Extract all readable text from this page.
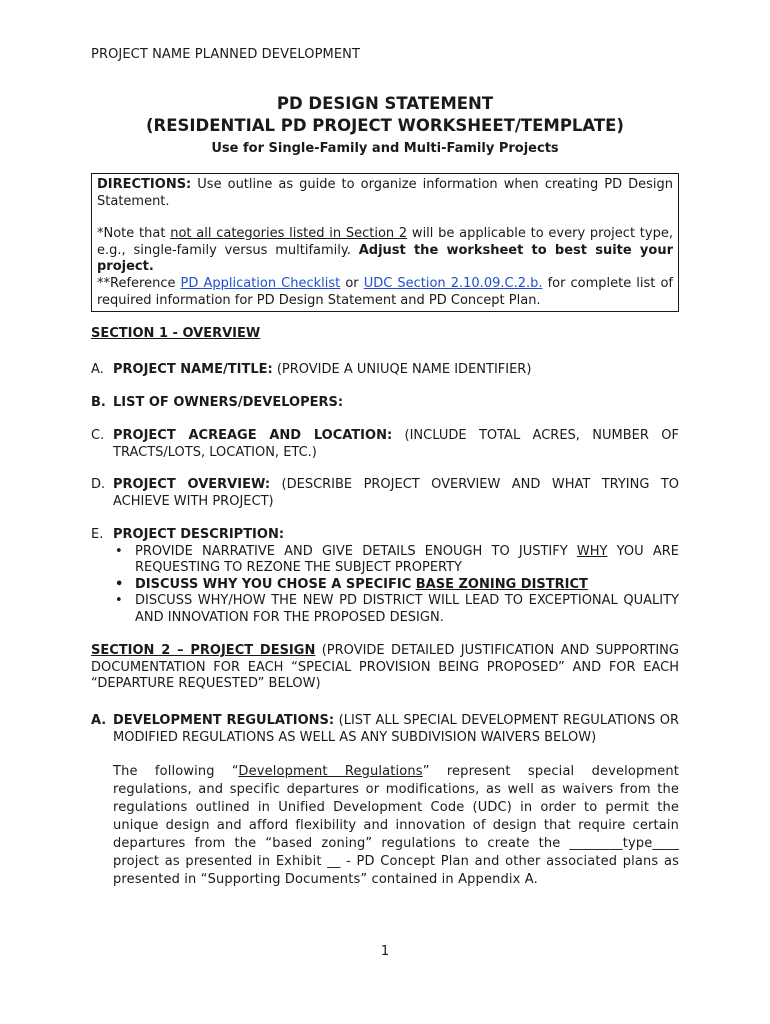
PROJECT NAME PLANNED DEVELOPMENT
PD DESIGN STATEMENT
(RESIDENTIAL PD PROJECT WORKSHEET/TEMPLATE)
Use for Single-Family and Multi-Family Projects

DIRECTIONS: Use outline as guide to organize information when creating PD Design Statement.

*Note that not all categories listed in Section 2 will be applicable to every project type, e.g., single-family versus multifamily. Adjust the worksheet to best suite your project.

**Reference PD Application Checklist or UDC Section 2.10.09.C.2.b. for complete list of required information for PD Design Statement and PD Concept Plan.

SECTION 1 - OVERVIEW
A. PROJECT NAME/TITLE: (PROVIDE A UNIUQE NAME IDENTIFIER)
B. LIST OF OWNERS/DEVELOPERS:
C. PROJECT ACREAGE AND LOCATION: (INCLUDE TOTAL ACRES, NUMBER OF TRACTS/LOTS, LOCATION, ETC.)
D. PROJECT OVERVIEW: (DESCRIBE PROJECT OVERVIEW AND WHAT TRYING TO ACHIEVE WITH PROJECT)
E. PROJECT DESCRIPTION:
• PROVIDE NARRATIVE AND GIVE DETAILS ENOUGH TO JUSTIFY WHY YOU ARE REQUESTING TO REZONE THE SUBJECT PROPERTY
• DISCUSS WHY YOU CHOSE A SPECIFIC BASE ZONING DISTRICT
• DISCUSS WHY/HOW THE NEW PD DISTRICT WILL LEAD TO EXCEPTIONAL QUALITY AND INNOVATION FOR THE PROPOSED DESIGN.
SECTION 2 – PROJECT DESIGN (PROVIDE DETAILED JUSTIFICATION AND SUPPORTING DOCUMENTATION FOR EACH “SPECIAL PROVISION BEING PROPOSED” AND FOR EACH “DEPARTURE REQUESTED” BELOW)
A. DEVELOPMENT REGULATIONS: (LIST ALL SPECIAL DEVELOPMENT REGULATIONS OR MODIFIED REGULATIONS AS WELL AS ANY SUBDIVISION WAIVERS BELOW)
The following “Development Regulations” represent special development regulations, and specific departures or modifications, as well as waivers from the regulations outlined in Unified Development Code (UDC) in order to permit the unique design and afford flexibility and innovation of design that require certain departures from the “based zoning” regulations to create the ________type____ project as presented in Exhibit __ - PD Concept Plan and other associated plans as presented in “Supporting Documents” contained in Appendix A.
1
